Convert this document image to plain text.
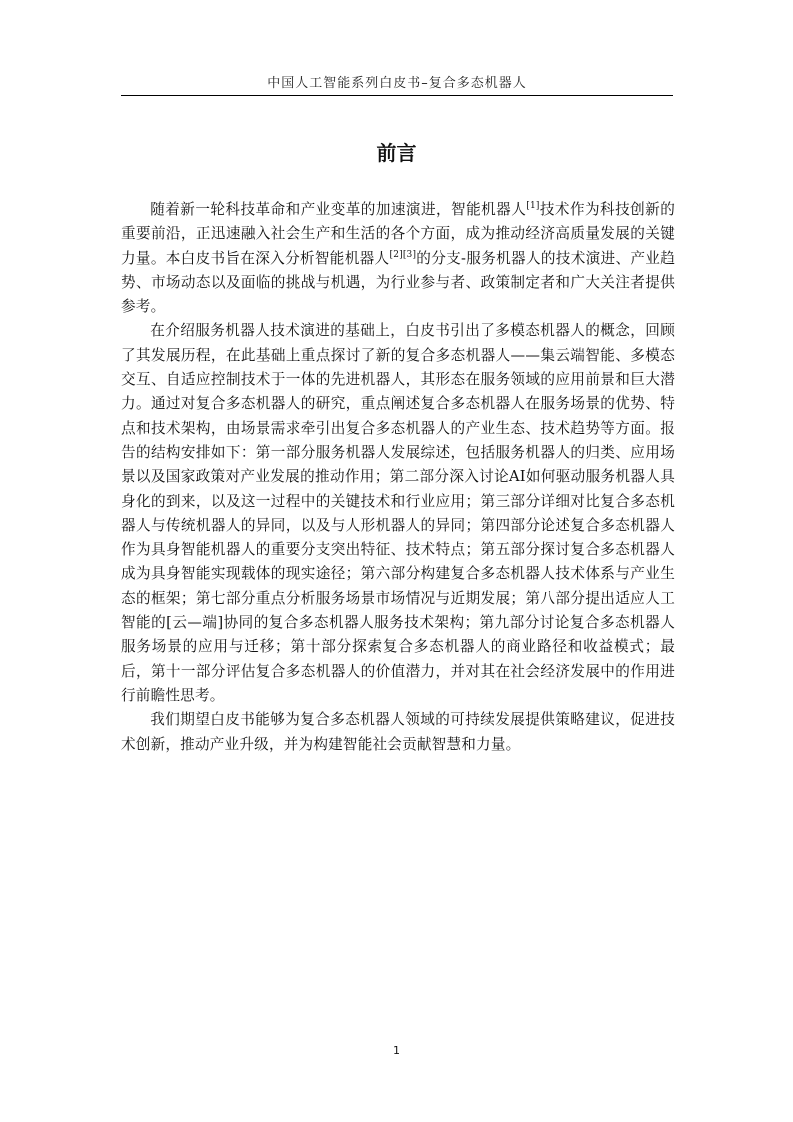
中国人工智能系列白皮书–复合多态机器人
前言

随着新一轮科技革命和产业变革的加速演进，智能机器人[1]技术作为科技创新的重要前沿，正迅速融入社会生产和生活的各个方面，成为推动经济高质量发展的关键力量。本白皮书旨在深入分析智能机器人[2][3]的分支-服务机器人的技术演进、产业趋势、市场动态以及面临的挑战与机遇，为行业参与者、政策制定者和广大关注者提供参考。

在介绍服务机器人技术演进的基础上，白皮书引出了多模态机器人的概念，回顾了其发展历程，在此基础上重点探讨了新的复合多态机器人——集云端智能、多模态交互、自适应控制技术于一体的先进机器人，其形态在服务领域的应用前景和巨大潜力。通过对复合多态机器人的研究，重点阐述复合多态机器人在服务场景的优势、特点和技术架构，由场景需求牵引出复合多态机器人的产业生态、技术趋势等方面。报告的结构安排如下：第一部分服务机器人发展综述，包括服务机器人的归类、应用场景以及国家政策对产业发展的推动作用；第二部分深入讨论AI如何驱动服务机器人具身化的到来，以及这一过程中的关键技术和行业应用；第三部分详细对比复合多态机器人与传统机器人的异同，以及与人形机器人的异同；第四部分论述复合多态机器人作为具身智能机器人的重要分支突出特征、技术特点；第五部分探讨复合多态机器人成为具身智能实现载体的现实途径；第六部分构建复合多态机器人技术体系与产业生态的框架；第七部分重点分析服务场景市场情况与近期发展；第八部分提出适应人工智能的[云—端]协同的复合多态机器人服务技术架构；第九部分讨论复合多态机器人服务场景的应用与迁移；第十部分探索复合多态机器人的商业路径和收益模式；最后，第十一部分评估复合多态机器人的价值潜力，并对其在社会经济发展中的作用进行前瞻性思考。

我们期望白皮书能够为复合多态机器人领域的可持续发展提供策略建议，促进技术创新，推动产业升级，并为构建智能社会贡献智慧和力量。

1
